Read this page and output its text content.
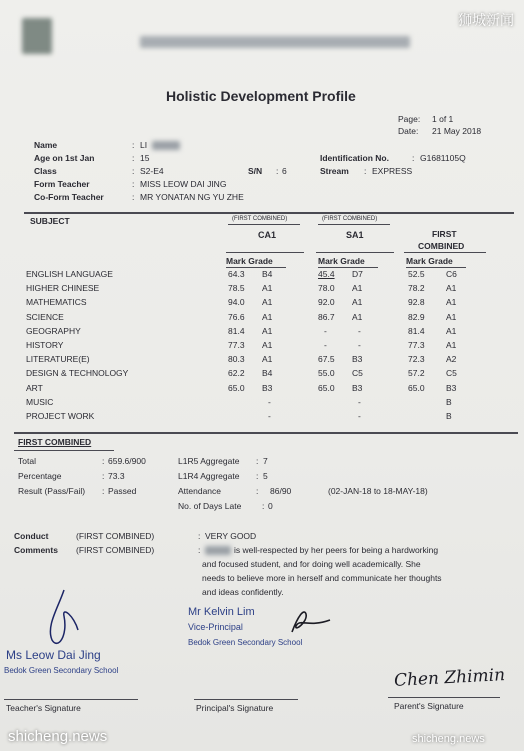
狮城新闻
Holistic Development Profile
Page: 1 of 1
Date: 21 May 2018
Name	: LI
Age on 1st Jan	: 15
Class	: S2-E4	S/N : 6
Identification No.	: G1681105Q
Stream : EXPRESS
Form Teacher	: MISS LEOW DAI JING
Co-Form Teacher	: MR YONATAN NG YU ZHE
SUBJECT	(FIRST COMBINED)	(FIRST COMBINED)
CA1	SA1	FIRST
COMBINED
Mark Grade	Mark Grade	Mark Grade
ENGLISH LANGUAGE	64.3 B4	45.4 D7	52.5	C6
HIGHER CHINESE	78.5 A1	78.0 A1	78.2	A1
MATHEMATICS	94.0 A1	92.0 A1	92.8	A1
SCIENCE	76.6 A1	86.7 A1	82.9	A1
GEOGRAPHY	81.4 A1	-	-	81.4	A1
HISTORY	77.3 A1	-	-	77.3	A1
LITERATURE(E)	80.3 A1	67.5 B3	72.3	A2
DESIGN & TECHNOLOGY	62.2 B4	55.0 C5	57.2	C5
ART	65.0 B3	65.0 B3	65.0	B3
MUSIC	-	-	B
PROJECT WORK	-	-	B
FIRST COMBINED
Total	: 659.6/900
Percentage	: 73.3
Result (Pass/Fail) : Passed
L1R5 Aggregate : 7
L1R4 Aggregate : 5
Attendance	: 86/90	(02-JAN-18 to 18-MAY-18)
No. of Days Late : 0
Conduct	(FIRST COMBINED)	: VERY GOOD
Comments (FIRST COMBINED)	:	is well-respected by her peers for being a hardworking
and focused student, and for doing well academically. She
needs to believe more in herself and communicate her thoughts
and ideas confidently.
Mr Kelvin Lim
Vice-Principal
Bedok Green Secondary School
Ms Leow Dai Jing
Bedok Green Secondary School	Chen Zhimin
Teacher's Signature	Principal's Signature	Parent's Signature
shicheng.news	shicheng.news
